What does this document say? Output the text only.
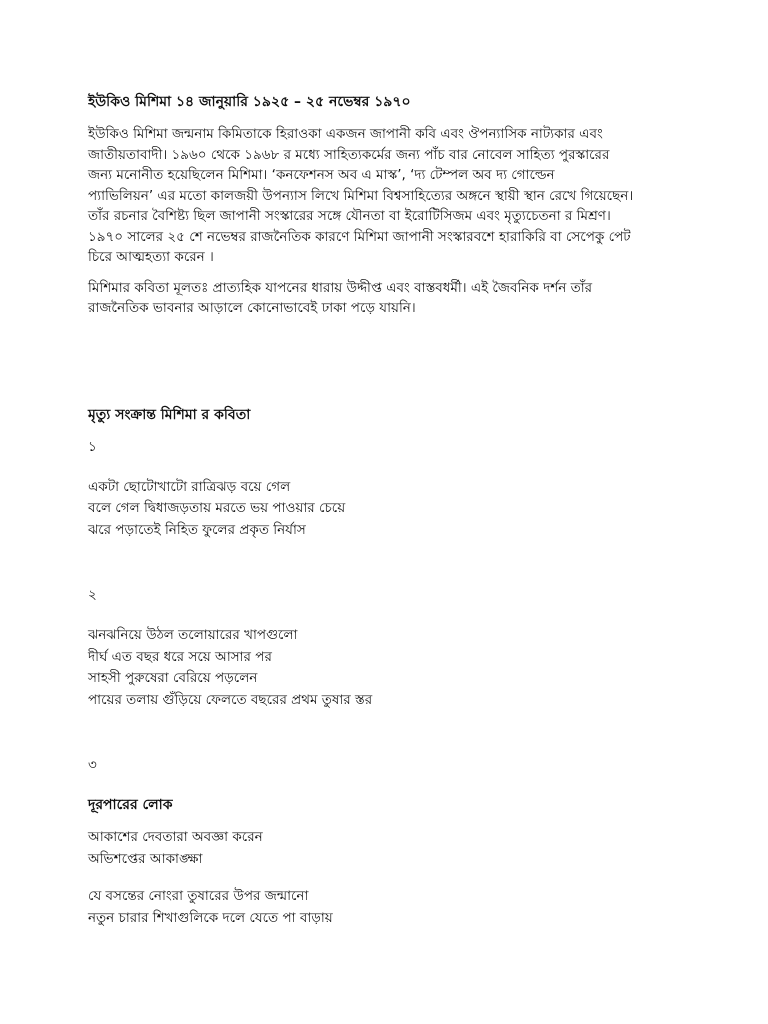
ইউকিও মিশিমা ১৪ জানুয়ারি ১৯২৫ – ২৫ নভেম্বর ১৯৭০
ইউকিও মিশিমা জন্মনাম কিমিতাকে হিরাওকা একজন জাপানী কবি এবং ঔপন্যাসিক নাট্যকার এবং
জাতীয়তাবাদী। ১৯৬০ থেকে ১৯৬৮ র মধ্যে সাহিত্যকর্মের জন্য পাঁচ বার নোবেল সাহিত্য পুরস্কারের
জন্য মনোনীত হয়েছিলেন মিশিমা। ‘কনফেশনস অব এ মাস্ক’, ‘দ্য টেম্পল অব দ্য গোল্ডেন
প্যাভিলিয়ন’ এর মতো কালজয়ী উপন্যাস লিখে মিশিমা বিশ্বসাহিত্যের অঙ্গনে স্থায়ী স্থান রেখে গিয়েছেন।
তাঁর রচনার বৈশিষ্ট্য ছিল জাপানী সংস্কারের সঙ্গে যৌনতা বা ইরোটিসিজম এবং মৃত্যুচেতনা র মিশ্রণ।
১৯৭০ সালের ২৫ শে নভেম্বর রাজনৈতিক কারণে মিশিমা জাপানী সংস্কারবশে হারাকিরি বা সেপেকু পেট
চিরে আত্মহত্যা করেন ।
মিশিমার কবিতা মূলতঃ প্রাত্যহিক যাপনের ধারায় উদ্দীপ্ত এবং বাস্তবধর্মী। এই জৈবনিক দর্শন তাঁর
রাজনৈতিক ভাবনার আড়ালে কোনোভাবেই ঢাকা পড়ে যায়নি।
মৃত্যু সংক্রান্ত মিশিমা র কবিতা
১
একটা ছোটোখাটো রাত্রিঝড় বয়ে গেল
বলে গেল দ্বিধাজড়তায় মরতে ভয় পাওয়ার চেয়ে
ঝরে পড়াতেই নিহিত ফুলের প্রকৃত নির্যাস
২
ঝনঝনিয়ে উঠল তলোয়ারের খাপগুলো
দীর্ঘ এত বছর ধরে সয়ে আসার পর
সাহসী পুরুষেরা বেরিয়ে পড়লেন
পায়ের তলায় গুঁড়িয়ে ফেলতে বছরের প্রথম তুষার স্তর
৩
দূরপারের লোক
আকাশের দেবতারা অবজ্ঞা করেন
অভিশপ্তের আকাঙ্ক্ষা
যে বসন্তের নোংরা তুষারের উপর জন্মানো
নতুন চারার শিখাগুলিকে দলে যেতে পা বাড়ায়
